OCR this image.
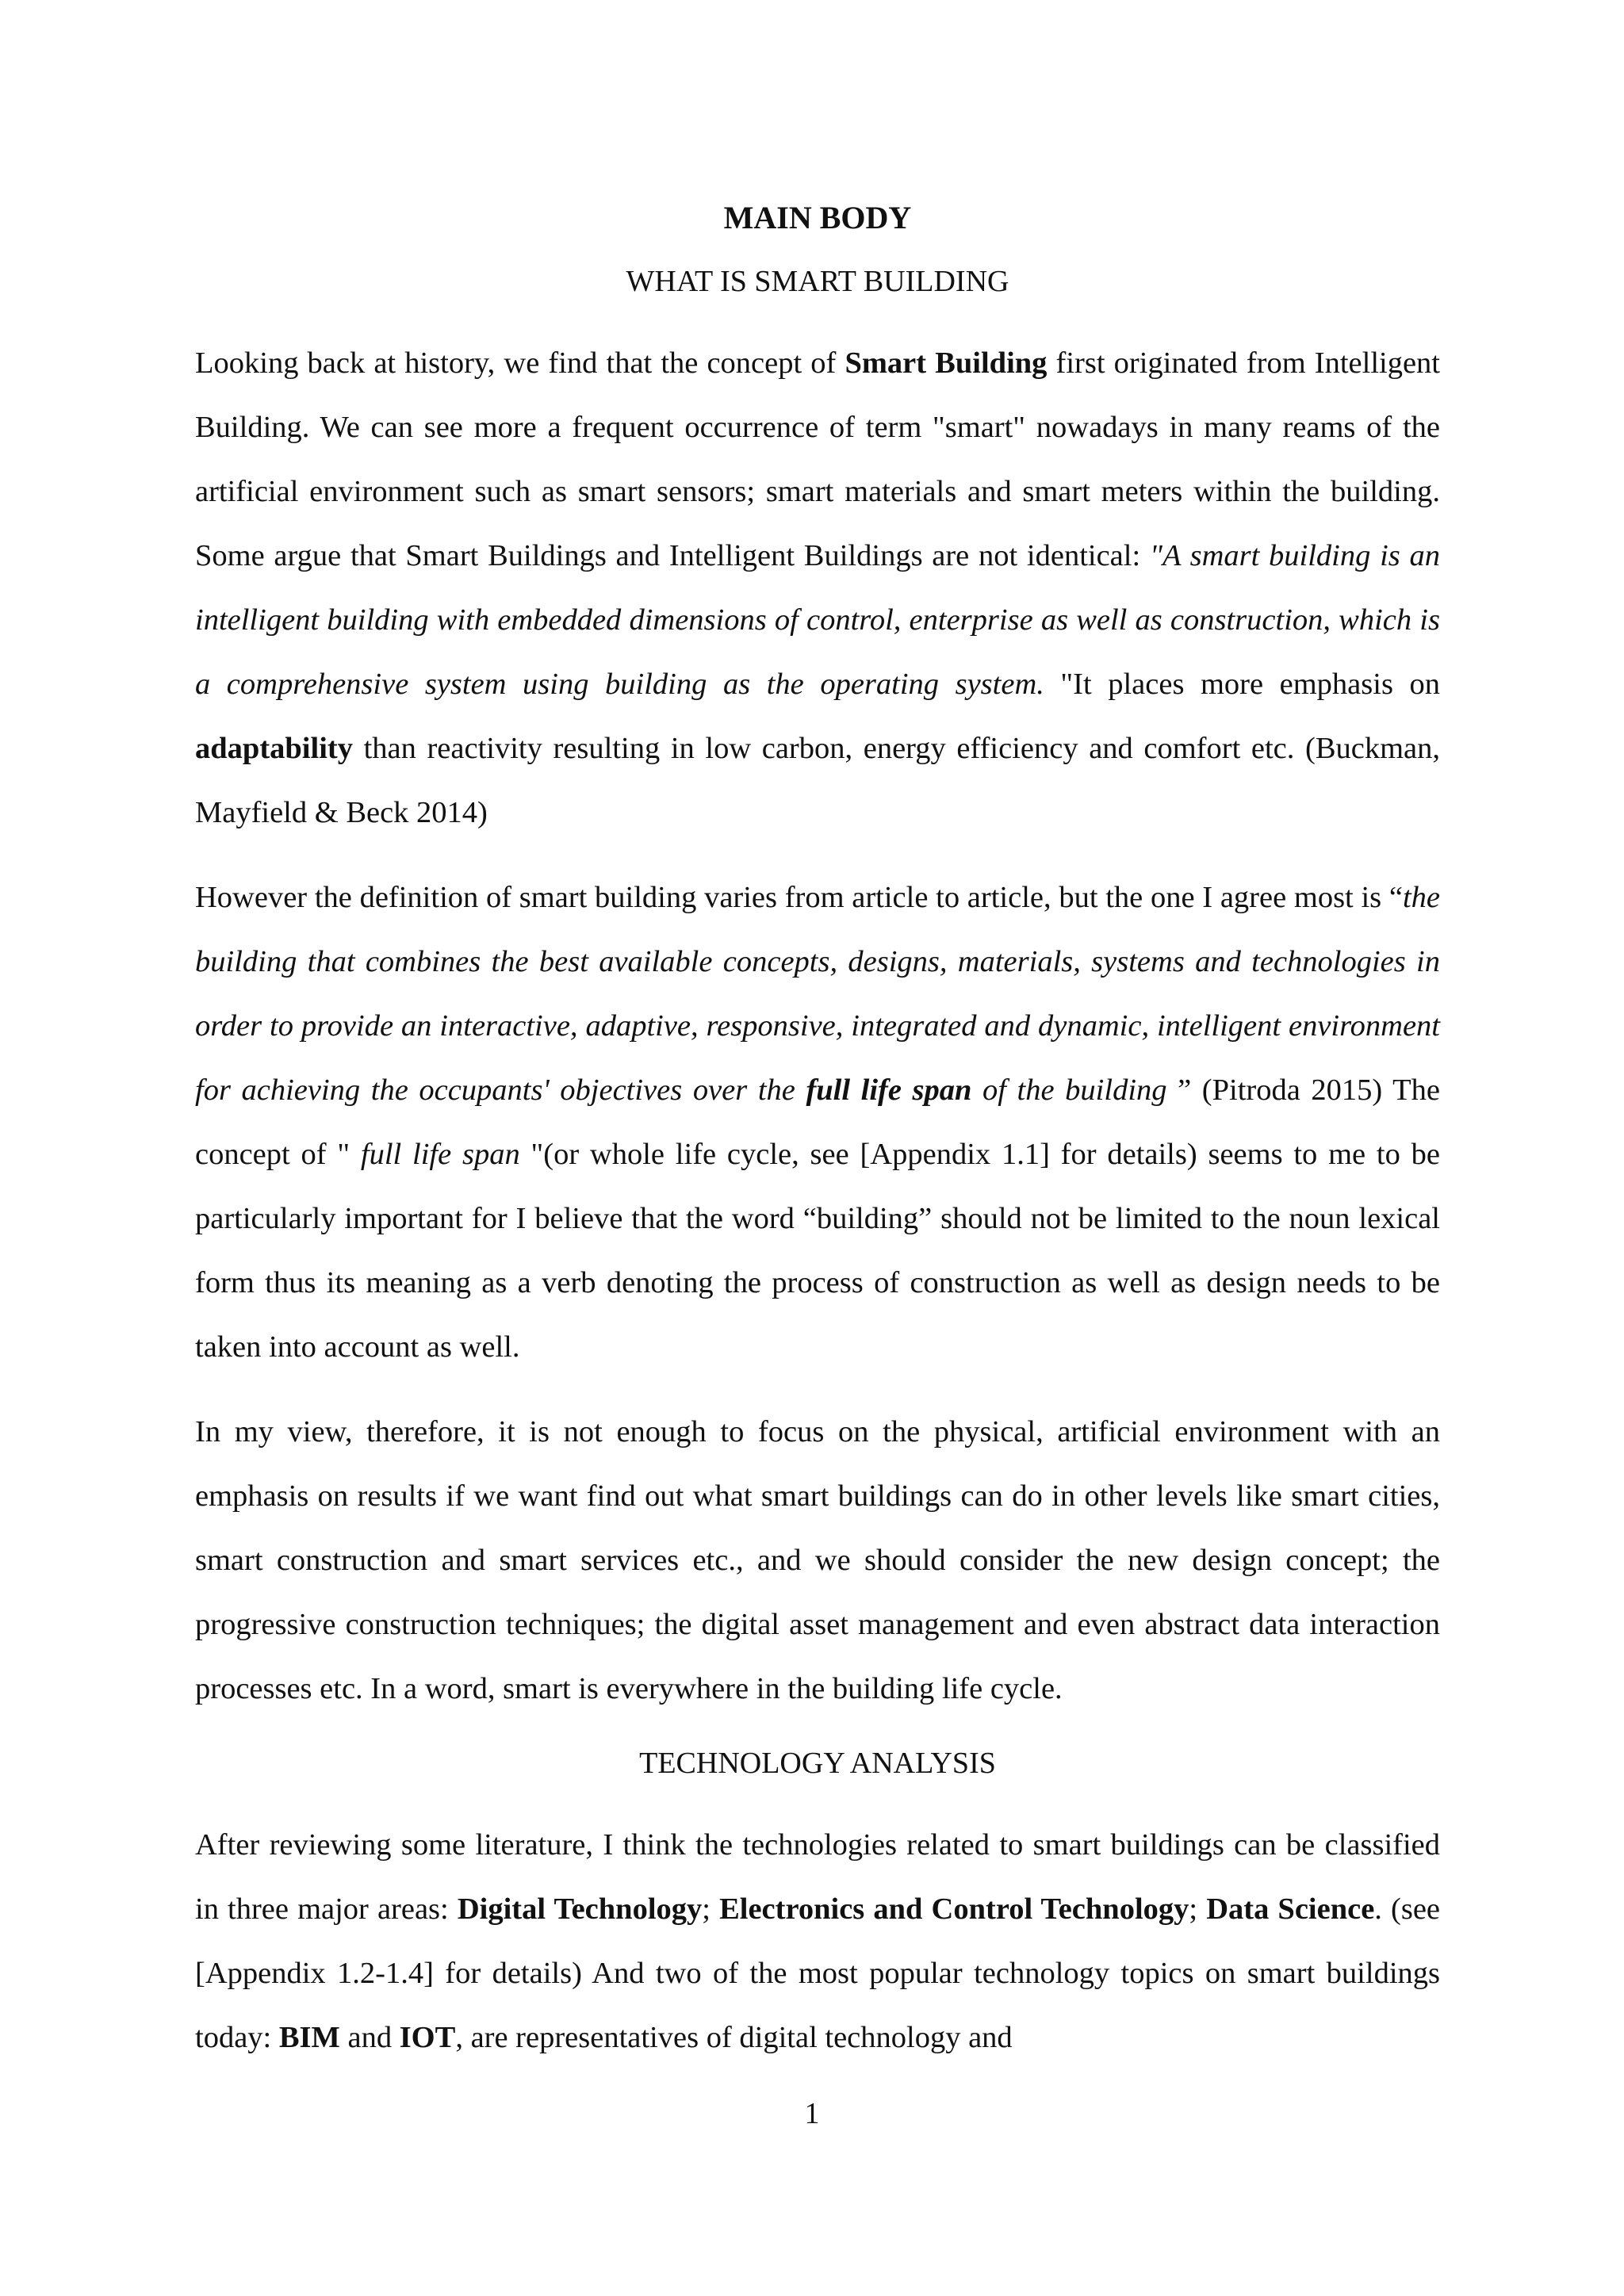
MAIN BODY
WHAT IS SMART BUILDING

Looking back at history, we find that the concept of Smart Building first originated from Intelligent Building. We can see more a frequent occurrence of term "smart" nowadays in many reams of the artificial environment such as smart sensors; smart materials and smart meters within the building. Some argue that Smart Buildings and Intelligent Buildings are not identical: "A smart building is an intelligent building with embedded dimensions of control, enterprise as well as construction, which is a comprehensive system using building as the operating system. "It places more emphasis on adaptability than reactivity resulting in low carbon, energy efficiency and comfort etc. (Buckman, Mayfield & Beck 2014)

However the definition of smart building varies from article to article, but the one I agree most is “the building that combines the best available concepts, designs, materials, systems and technologies in order to provide an interactive, adaptive, responsive, integrated and dynamic, intelligent environment for achieving the occupants' objectives over the full life span of the building ” (Pitroda 2015) The concept of " full life span "(or whole life cycle, see [Appendix 1.1] for details) seems to me to be particularly important for I believe that the word “building” should not be limited to the noun lexical form thus its meaning as a verb denoting the process of construction as well as design needs to be taken into account as well.

In my view, therefore, it is not enough to focus on the physical, artificial environment with an emphasis on results if we want find out what smart buildings can do in other levels like smart cities, smart construction and smart services etc., and we should consider the new design concept; the progressive construction techniques; the digital asset management and even abstract data interaction processes etc. In a word, smart is everywhere in the building life cycle.

TECHNOLOGY ANALYSIS

After reviewing some literature, I think the technologies related to smart buildings can be classified in three major areas: Digital Technology; Electronics and Control Technology; Data Science. (see [Appendix 1.2-1.4] for details) And two of the most popular technology topics on smart buildings today: BIM and IOT, are representatives of digital technology and

1
